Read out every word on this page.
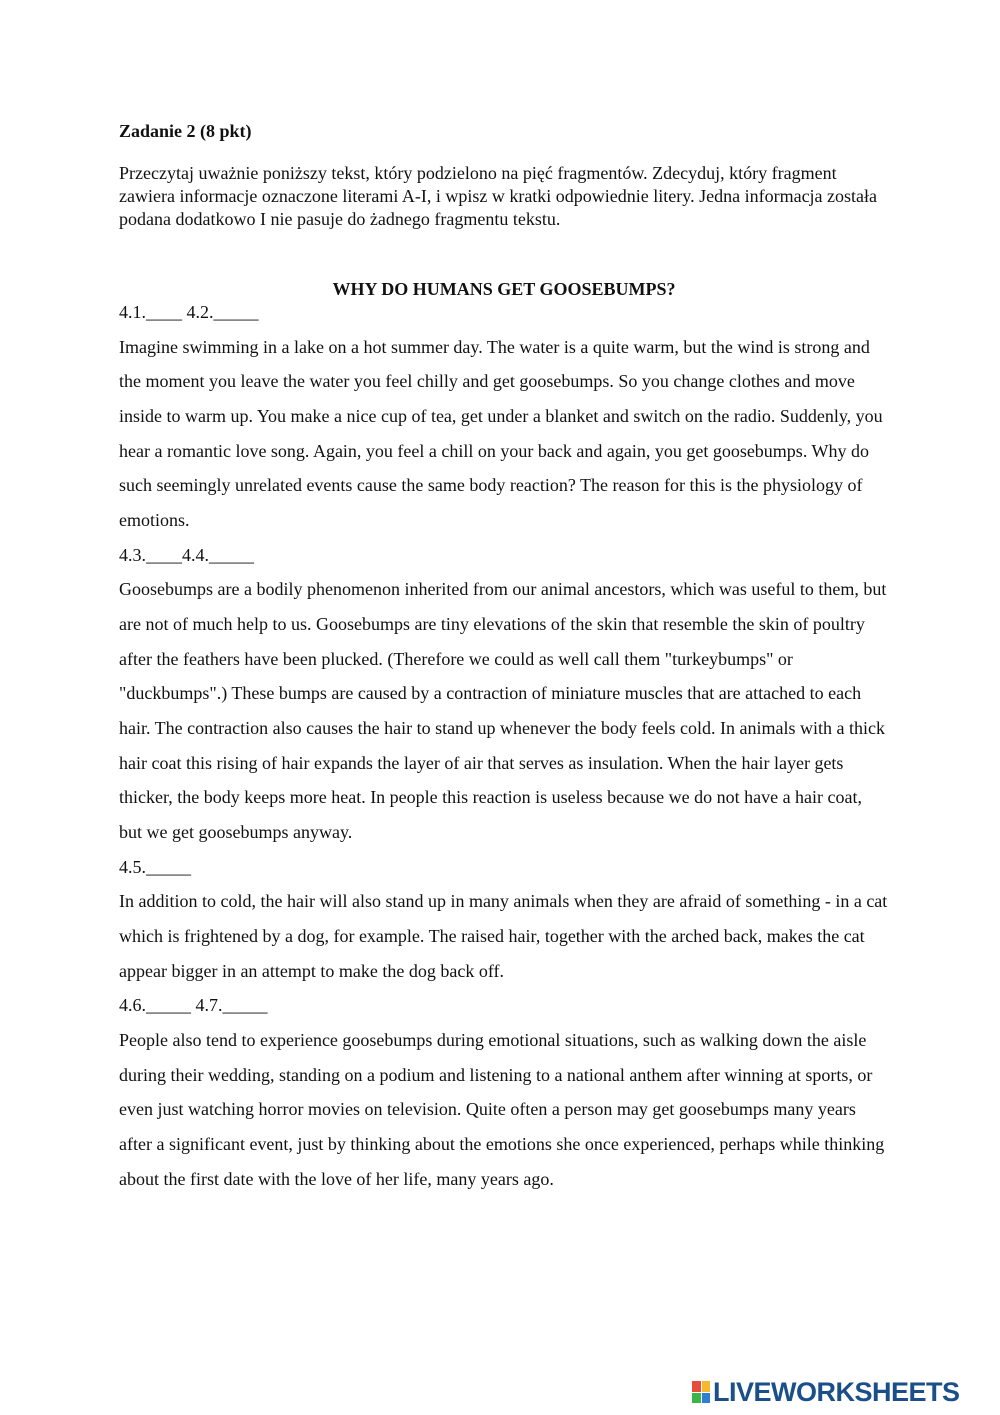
Zadanie 2 (8 pkt)

Przeczytaj uważnie poniższy tekst, który podzielono na pięć fragmentów. Zdecyduj, który fragment zawiera informacje oznaczone literami A-I, i wpisz w kratki odpowiednie litery. Jedna informacja została podana dodatkowo I nie pasuje do żadnego fragmentu tekstu.

WHY DO HUMANS GET GOOSEBUMPS?

4.1.____ 4.2._____

Imagine swimming in a lake on a hot summer day. The water is a quite warm, but the wind is strong and the moment you leave the water you feel chilly and get goosebumps. So you change clothes and move inside to warm up. You make a nice cup of tea, get under a blanket and switch on the radio. Suddenly, you hear a romantic love song. Again, you feel a chill on your back and again, you get goosebumps. Why do such seemingly unrelated events cause the same body reaction? The reason for this is the physiology of emotions.

4.3.____4.4._____

Goosebumps are a bodily phenomenon inherited from our animal ancestors, which was useful to them, but are not of much help to us. Goosebumps are tiny elevations of the skin that resemble the skin of poultry after the feathers have been plucked. (Therefore we could as well call them "turkeybumps" or "duckbumps".) These bumps are caused by a contraction of miniature muscles that are attached to each hair. The contraction also causes the hair to stand up whenever the body feels cold. In animals with a thick hair coat this rising of hair expands the layer of air that serves as insulation. When the hair layer gets thicker, the body keeps more heat. In people this reaction is useless because we do not have a hair coat, but we get goosebumps anyway.

4.5._____

In addition to cold, the hair will also stand up in many animals when they are afraid of something - in a cat which is frightened by a dog, for example. The raised hair, together with the arched back, makes the cat appear bigger in an attempt to make the dog back off.

4.6._____ 4.7._____

People also tend to experience goosebumps during emotional situations, such as walking down the aisle during their wedding, standing on a podium and listening to a national anthem after winning at sports, or even just watching horror movies on television. Quite often a person may get goosebumps many years after a significant event, just by thinking about the emotions she once experienced, perhaps while thinking about the first date with the love of her life, many years ago.

LIVEWORKSHEETS
